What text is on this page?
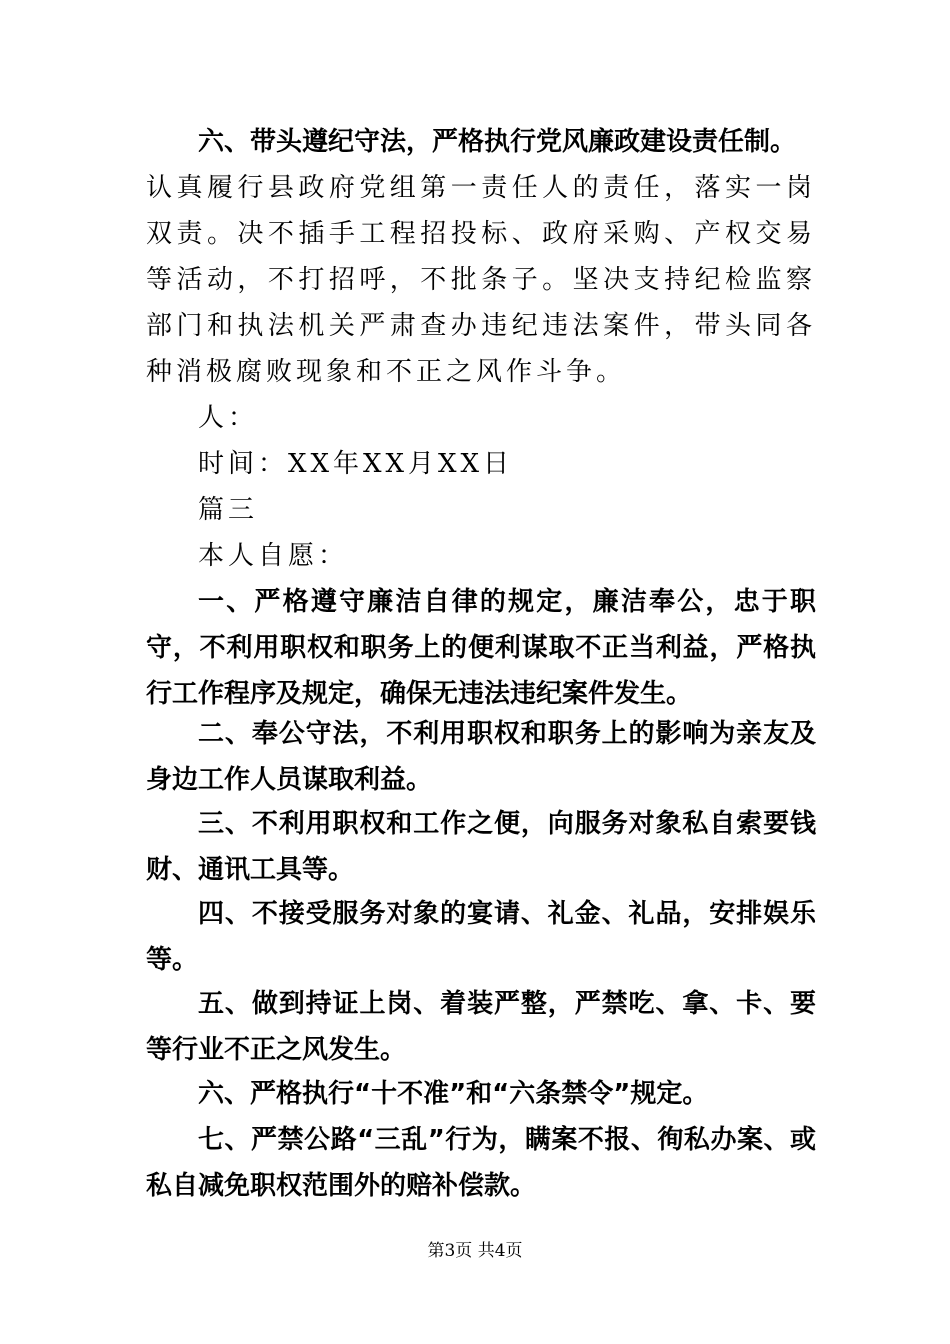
六、带头遵纪守法，严格执行党风廉政建设责任制。

认真履行县政府党组第一责任人的责任，落实一岗双责。决不插手工程招投标、政府采购、产权交易等活动，不打招呼，不批条子。坚决支持纪检监察部门和执法机关严肃查办违纪违法案件，带头同各种消极腐败现象和不正之风作斗争。

人：

时间：XX年XX月XX日

篇三

本人自愿：

一、严格遵守廉洁自律的规定，廉洁奉公，忠于职守，不利用职权和职务上的便利谋取不正当利益，严格执行工作程序及规定，确保无违法违纪案件发生。

二、奉公守法，不利用职权和职务上的影响为亲友及身边工作人员谋取利益。

三、不利用职权和工作之便，向服务对象私自索要钱财、通讯工具等。

四、不接受服务对象的宴请、礼金、礼品，安排娱乐等。

五、做到持证上岗、着装严整，严禁吃、拿、卡、要等行业不正之风发生。

六、严格执行“十不准”和“六条禁令”规定。

七、严禁公路“三乱”行为，瞒案不报、徇私办案、或私自减免职权范围外的赔补偿款。

第3页 共4页
